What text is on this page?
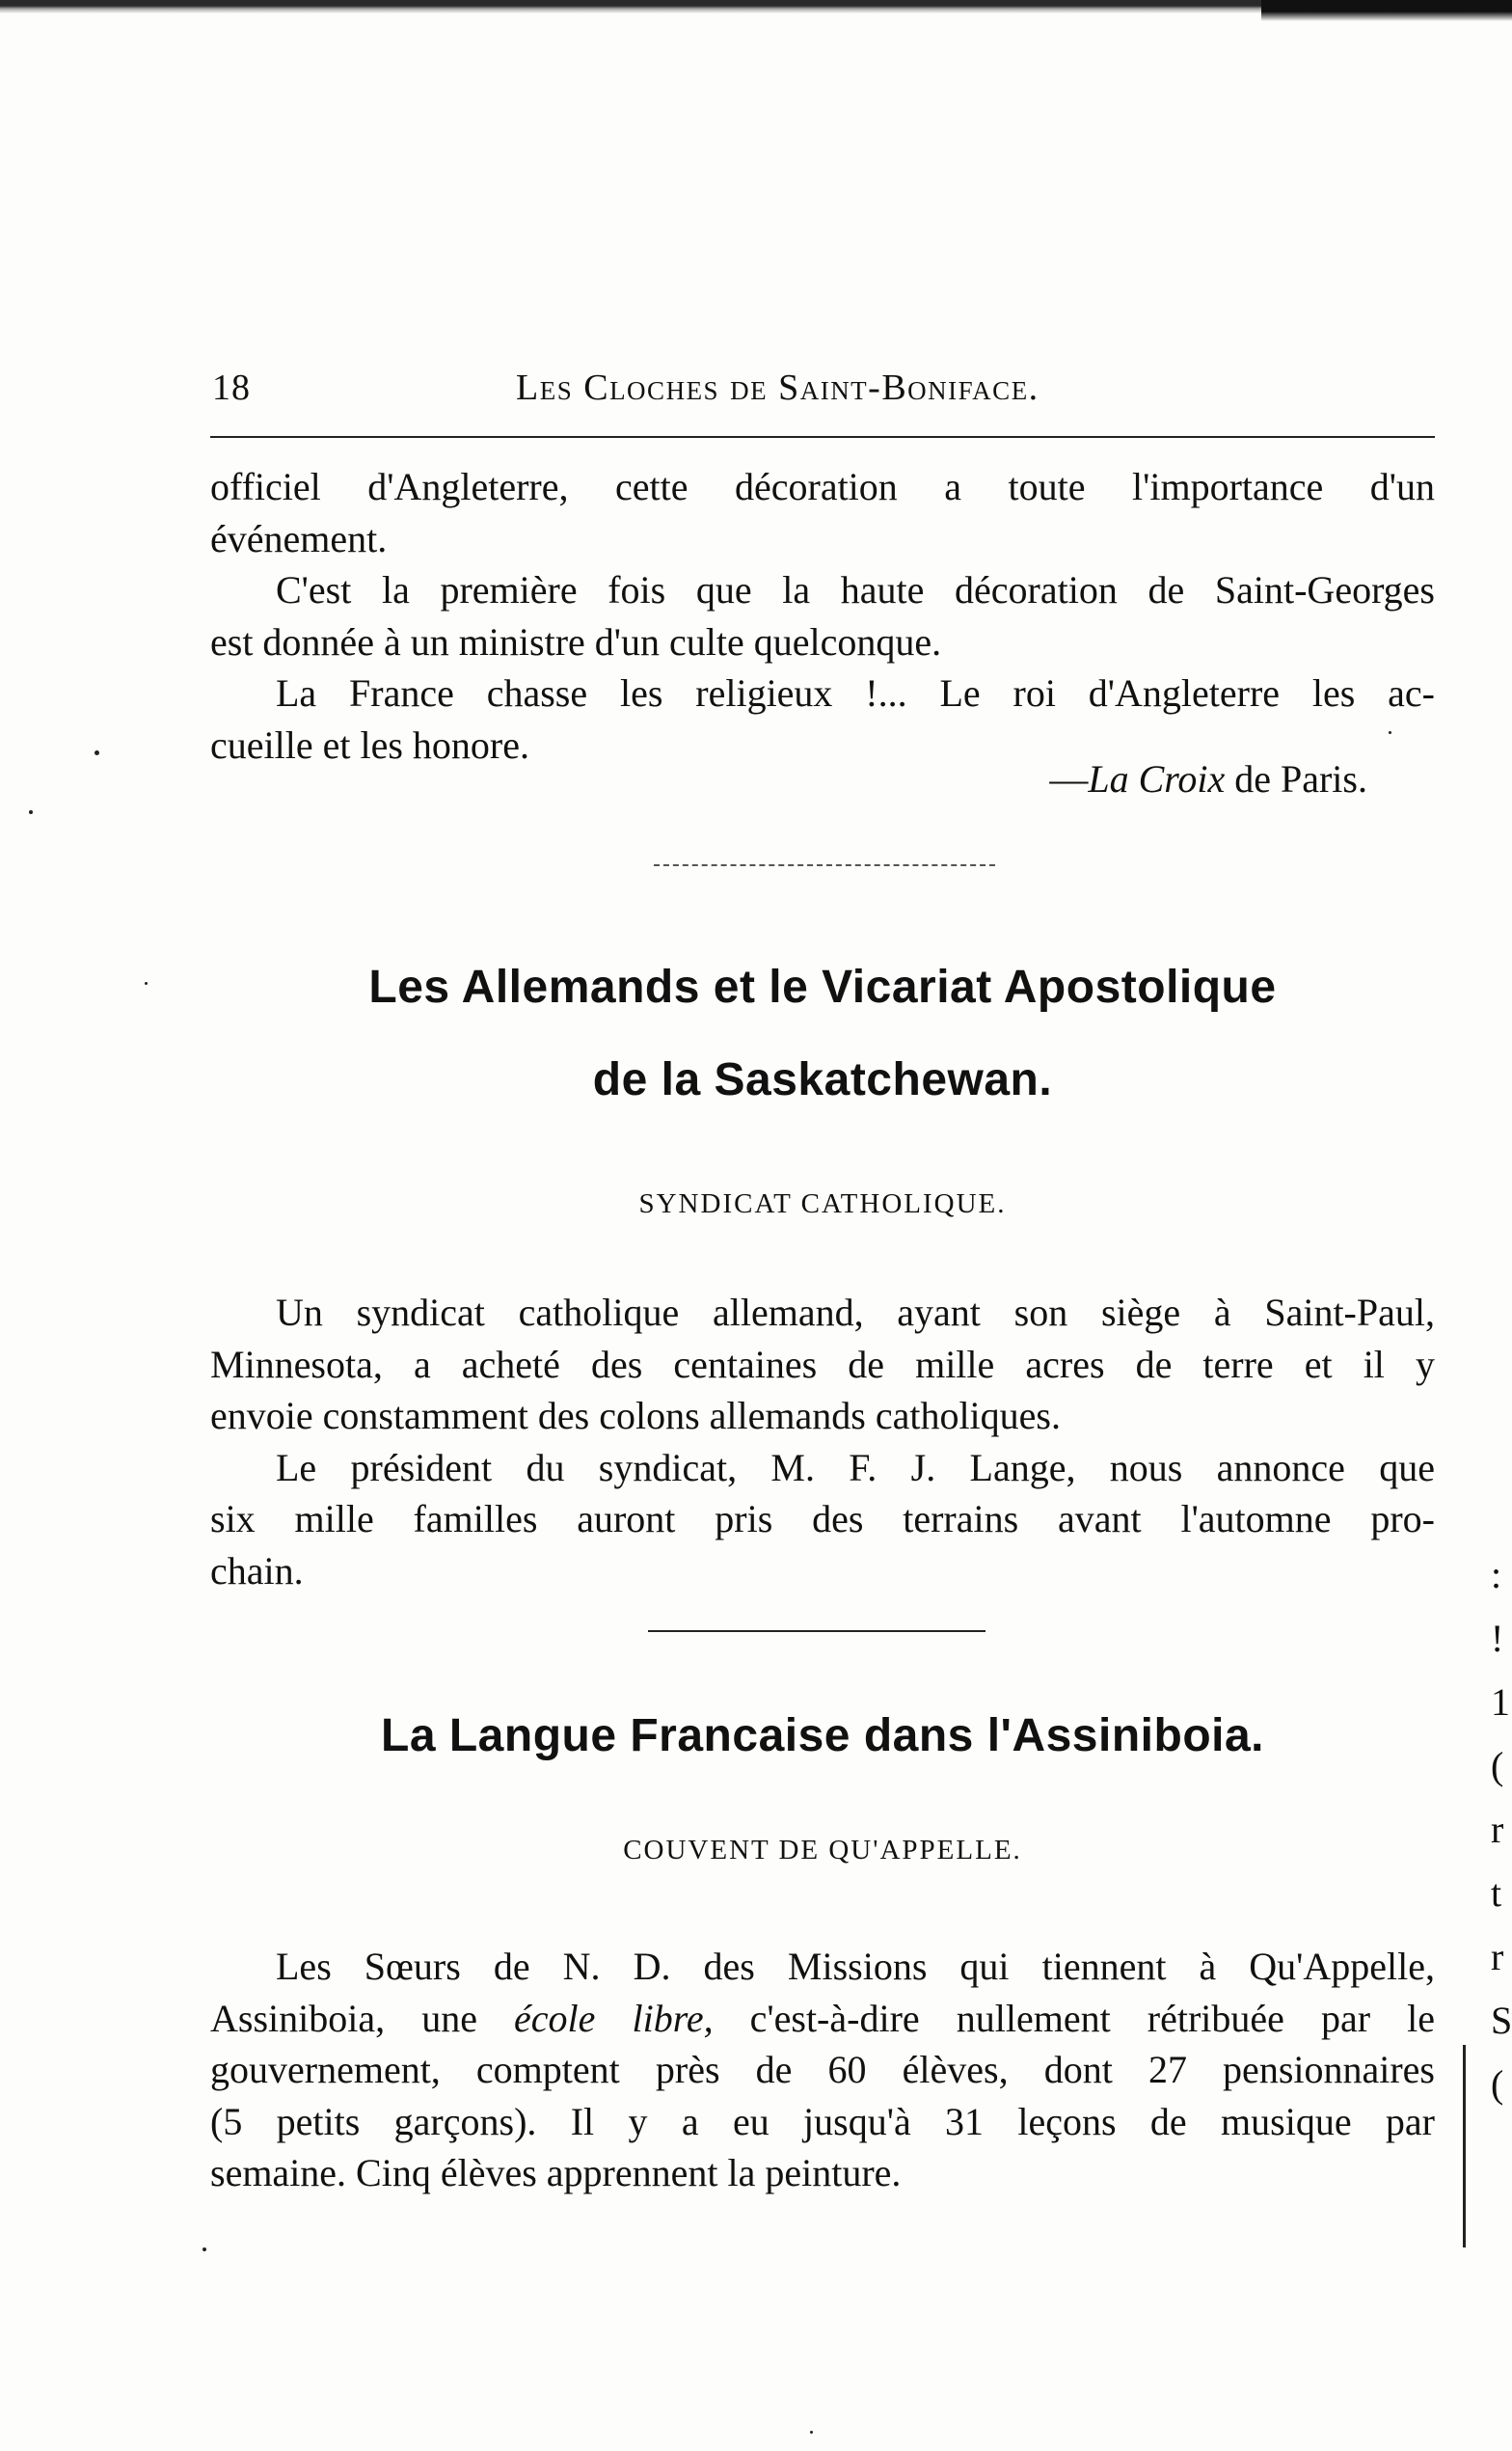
:
!
1
(
r
t
r
S
(
18	Les Cloches de Saint-Boniface.
officiel d'Angleterre, cette décoration a toute l'importance d'un
événement.
C'est la première fois que la haute décoration de Saint-Georges
est donnée à un ministre d'un culte quelconque.
La France chasse les religieux !... Le roi d'Angleterre les ac-
cueille et les honore.
—La Croix de Paris.
Les Allemands et le Vicariat Apostolique
de la Saskatchewan.
SYNDICAT CATHOLIQUE.
Un syndicat catholique allemand, ayant son siège à Saint-Paul,
Minnesota, a acheté des centaines de mille acres de terre et il y
envoie constamment des colons allemands catholiques.
Le président du syndicat, M. F. J. Lange, nous annonce que
six mille familles auront pris des terrains avant l'automne pro-
chain.
La Langue Francaise dans l'Assiniboia.
COUVENT DE QU'APPELLE.
Les Sœurs de N. D. des Missions qui tiennent à Qu'Appelle,
Assiniboia, une école libre, c'est-à-dire nullement rétribuée par le
gouvernement, comptent près de 60 élèves, dont 27 pensionnaires
(5 petits garçons). Il y a eu jusqu'à 31 leçons de musique par
semaine. Cinq élèves apprennent la peinture.
